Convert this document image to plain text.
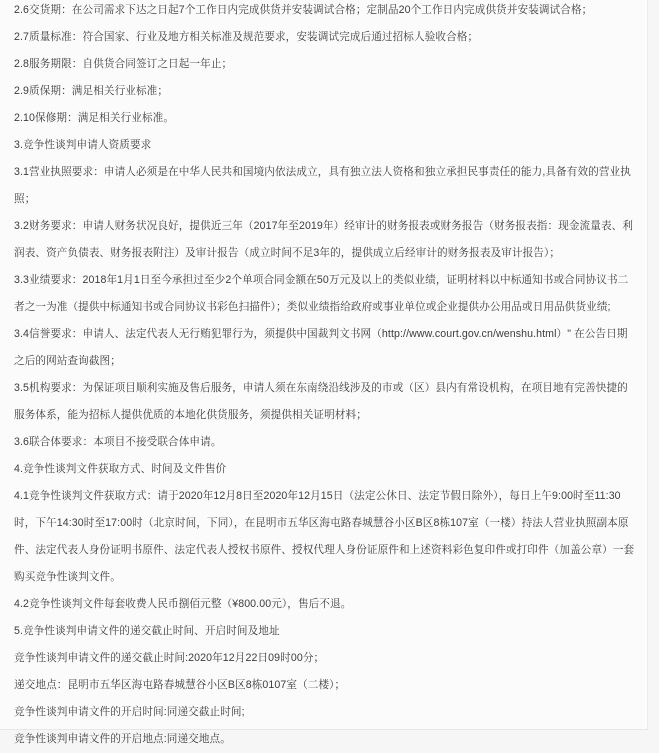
2.6交货期：在公司需求下达之日起7个工作日内完成供货并安装调试合格；定制品20个工作日内完成供货并安装调试合格；

2.7质量标准：符合国家、行业及地方相关标准及规范要求，安装调试完成后通过招标人验收合格；

2.8服务期限：自供货合同签订之日起一年止；

2.9质保期：满足相关行业标准；

2.10保修期：满足相关行业标准。

3.竞争性谈判申请人资质要求

3.1营业执照要求：申请人必须是在中华人民共和国境内依法成立，具有独立法人资格和独立承担民事责任的能力,具备有效的营业执照；

3.2财务要求：申请人财务状况良好，提供近三年（2017年至2019年）经审计的财务报表或财务报告（财务报表指：现金流量表、利润表、资产负债表、财务报表附注）及审计报告（成立时间不足3年的，提供成立后经审计的财务报表及审计报告）；

3.3业绩要求：2018年1月1日至今承担过至少2个单项合同金额在50万元及以上的类似业绩，证明材料以中标通知书或合同协议书二者之一为准（提供中标通知书或合同协议书彩色扫描件）；类似业绩指给政府或事业单位或企业提供办公用品或日用品供货业绩;

3.4信誉要求：申请人、法定代表人无行贿犯罪行为，须提供中国裁判文书网（http://www.court.gov.cn/wenshu.html）" 在公告日期之后的网站查询截图；

3.5机构要求：为保证项目顺利实施及售后服务，申请人须在东南绕沿线涉及的市或（区）县内有常设机构，在项目地有完善快捷的服务体系，能为招标人提供优质的本地化供货服务，须提供相关证明材料；

3.6联合体要求：本项目不接受联合体申请。

4.竞争性谈判文件获取方式、时间及文件售价

4.1竞争性谈判文件获取方式：请于2020年12月8日至2020年12月15日（法定公休日、法定节假日除外），每日上午9:00时至11:30时，下午14:30时至17:00时（北京时间，下同），在昆明市五华区海屯路春城慧谷小区B区8栋107室（一楼）持法人营业执照副本原件、法定代表人身份证明书原件、法定代表人授权书原件、授权代理人身份证原件和上述资料彩色复印件或打印件（加盖公章）一套购买竞争性谈判文件。

4.2竞争性谈判文件每套收费人民币捌佰元整（¥800.00元），售后不退。

5.竞争性谈判申请文件的递交截止时间、开启时间及地址

竞争性谈判申请文件的递交截止时间:2020年12月22日09时00分；

递交地点：昆明市五华区海屯路春城慧谷小区B区8栋0107室（二楼）；

竞争性谈判申请文件的开启时间:同递交截止时间;

竞争性谈判申请文件的开启地点:同递交地点。
